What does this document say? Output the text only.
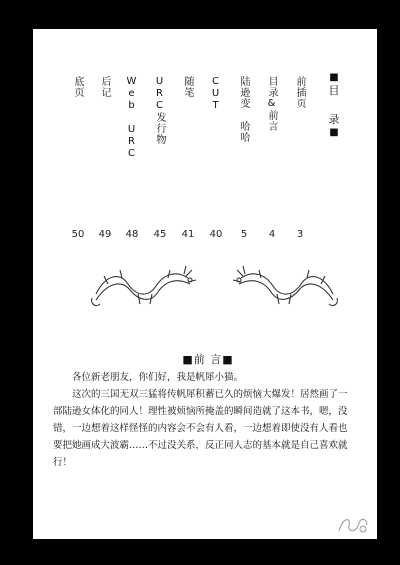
■
目
录
■
前插页
目录&前言
陆逊变 哈哈
CUT
随笔
URC发行物
Web URC
后记
底页
3
4
5
40
41
45
48
49
50
■前 言■

各位新老朋友，你们好，我是帆犀小猫。

这次的三国无双三猛将传帆犀积蓄已久的烦恼大爆发！居然画了一部陆逊女体化的同人！理性被烦恼所掩盖的瞬间造就了这本书，嗯，没错，一边想着这样怪怪的内容会不会有人看，一边想着即使没有人看也要把她画成大波霸……不过没关系，反正同人志的基本就是自己喜欢就行！
